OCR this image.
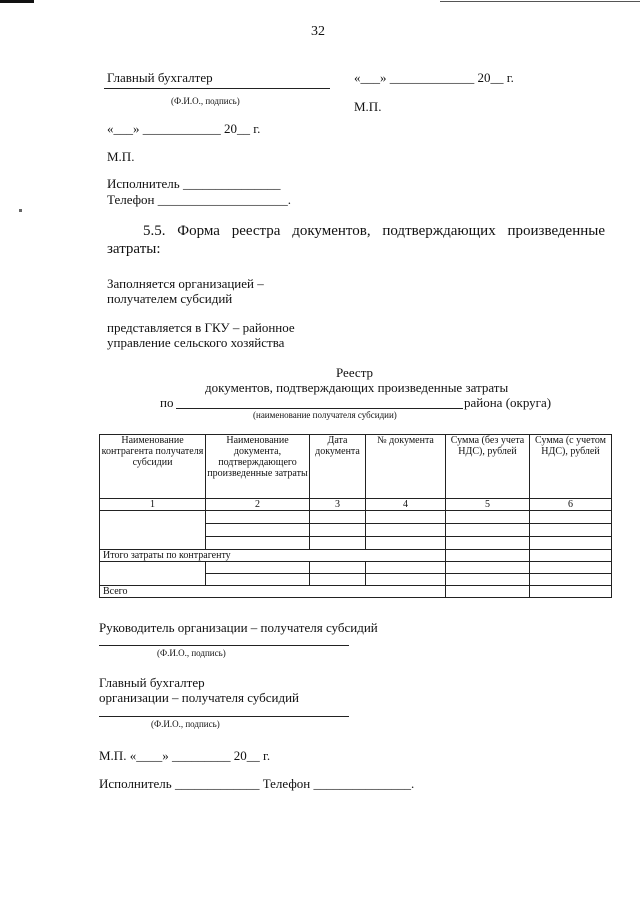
32
Главный бухгалтер
(Ф.И.О., подпись)
«___» _____________ 20__ г.
М.П.
«___» ____________ 20__ г.
М.П.
Исполнитель _______________
Телефон ____________________.
5.5. Форма реестра документов, подтверждающих произведенные
затраты:
Заполняется организацией –
получателем субсидий
представляется в ГКУ – районное
управление сельского хозяйства
Реестр
документов, подтверждающих произведенные затраты
по	района (округа)
(наименование получателя субсидии)
Наименование контрагента получателя субсидии	Наименование документа, подтверждающего произведенные затраты	Дата документа	№ документа	Сумма (без учета НДС), рублей	Сумма (с учетом НДС), рублей
1	2	3	4	5	6

Итого затраты по контрагенту					

Всего					
Руководитель организации – получателя субсидий
(Ф.И.О., подпись)
Главный бухгалтер
организации – получателя субсидий
(Ф.И.О., подпись)
М.П. «____» _________ 20__ г.
Исполнитель _____________ Телефон _______________.
